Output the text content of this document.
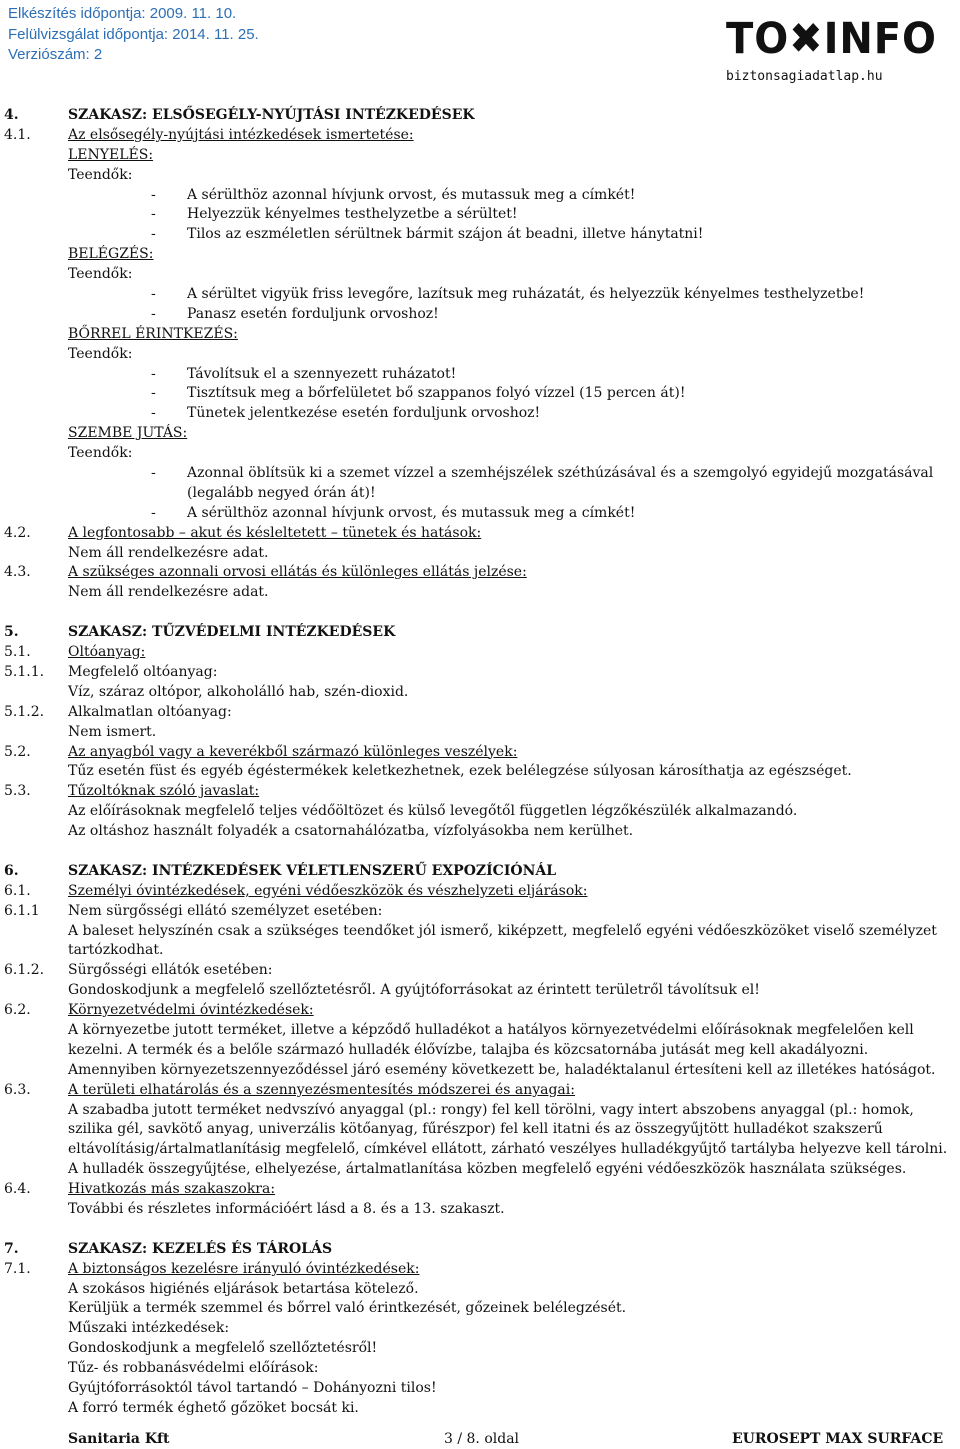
Elkészítés időpontja: 2009. 11. 10.
Felülvizsgálat időpontja: 2014. 11. 25.
Verziószám: 2	TO✖INFO
biztonsagiadatlap.hu
4.	SZAKASZ: ELSŐSEGÉLY-NYÚJTÁSI INTÉZKEDÉSEK
4.1.	Az elsősegély-nyújtási intézkedések ismertetése:
LENYELÉS:
Teendők:
- A sérülthöz azonnal hívjunk orvost, és mutassuk meg a címkét!
- Helyezzük kényelmes testhelyzetbe a sérültet!
- Tilos az eszméletlen sérültnek bármit szájon át beadni, illetve hánytatni!
BELÉGZÉS:
Teendők:
- A sérültet vigyük friss levegőre, lazítsuk meg ruházatát, és helyezzük kényelmes testhelyzetbe!
- Panasz esetén forduljunk orvoshoz!
BŐRREL ÉRINTKEZÉS:
Teendők:
- Távolítsuk el a szennyezett ruházatot!
- Tisztítsuk meg a bőrfelületet bő szappanos folyó vízzel (15 percen át)!
- Tünetek jelentkezése esetén forduljunk orvoshoz!
SZEMBE JUTÁS:
Teendők:
- Azonnal öblítsük ki a szemet vízzel a szemhéjszélek széthúzásával és a szemgolyó egyidejű mozgatásával
(legalább negyed órán át)!
- A sérülthöz azonnal hívjunk orvost, és mutassuk meg a címkét!
4.2.	A legfontosabb – akut és késleltetett – tünetek és hatások:
Nem áll rendelkezésre adat.
4.3.	A szükséges azonnali orvosi ellátás és különleges ellátás jelzése:
Nem áll rendelkezésre adat.
5.	SZAKASZ: TŰZVÉDELMI INTÉZKEDÉSEK
5.1.	Oltóanyag:
5.1.1. Megfelelő oltóanyag:
Víz, száraz oltópor, alkoholálló hab, szén-dioxid.
5.1.2. Alkalmatlan oltóanyag:
Nem ismert.
5.2.	Az anyagból vagy a keverékből származó különleges veszélyek:
Tűz esetén füst és egyéb égéstermékek keletkezhetnek, ezek belélegzése súlyosan károsíthatja az egészséget.
5.3.	Tűzoltóknak szóló javaslat:
Az előírásoknak megfelelő teljes védőöltözet és külső levegőtől független légzőkészülék alkalmazandó.
Az oltáshoz használt folyadék a csatornahálózatba, vízfolyásokba nem kerülhet.
6.	SZAKASZ: INTÉZKEDÉSEK VÉLETLENSZERŰ EXPOZÍCIÓNÁL
6.1.	Személyi óvintézkedések, egyéni védőeszközök és vészhelyzeti eljárások:
6.1.1 Nem sürgősségi ellátó személyzet esetében:
A baleset helyszínén csak a szükséges teendőket jól ismerő, kiképzett, megfelelő egyéni védőeszközöket viselő személyzet
tartózkodhat.
6.1.2. Sürgősségi ellátók esetében:
Gondoskodjunk a megfelelő szellőztetésről. A gyújtóforrásokat az érintett területről távolítsuk el!
6.2.	Környezetvédelmi óvintézkedések:
A környezetbe jutott terméket, illetve a képződő hulladékot a hatályos környezetvédelmi előírásoknak megfelelően kell
kezelni. A termék és a belőle származó hulladék élővízbe, talajba és közcsatornába jutását meg kell akadályozni.
Amennyiben környezetszennyeződéssel járó esemény következett be, haladéktalanul értesíteni kell az illetékes hatóságot.
6.3.	A területi elhatárolás és a szennyezésmentesítés módszerei és anyagai:
A szabadba jutott terméket nedvszívó anyaggal (pl.: rongy) fel kell törölni, vagy intert abszobens anyaggal (pl.: homok,
szilika gél, savkötő anyag, univerzális kötőanyag, fűrészpor) fel kell itatni és az összegyűjtött hulladékot szakszerű
eltávolításig/ártalmatlanításig megfelelő, címkével ellátott, zárható veszélyes hulladékgyűjtő tartályba helyezve kell tárolni.
A hulladék összegyűjtése, elhelyezése, ártalmatlanítása közben megfelelő egyéni védőeszközök használata szükséges.
6.4.	Hivatkozás más szakaszokra:
További és részletes információért lásd a 8. és a 13. szakaszt.
7.	SZAKASZ: KEZELÉS ÉS TÁROLÁS
7.1.	A biztonságos kezelésre irányuló óvintézkedések:
A szokásos higiénés eljárások betartása kötelező.
Kerüljük a termék szemmel és bőrrel való érintkezését, gőzeinek belélegzését.
Műszaki intézkedések:
Gondoskodjunk a megfelelő szellőztetésről!
Tűz- és robbanásvédelmi előírások:
Gyújtóforrásoktól távol tartandó – Dohányozni tilos!
A forró termék éghető gőzöket bocsát ki.
Sanitaria Kft	3 / 8. oldal	EUROSEPT MAX SURFACE
